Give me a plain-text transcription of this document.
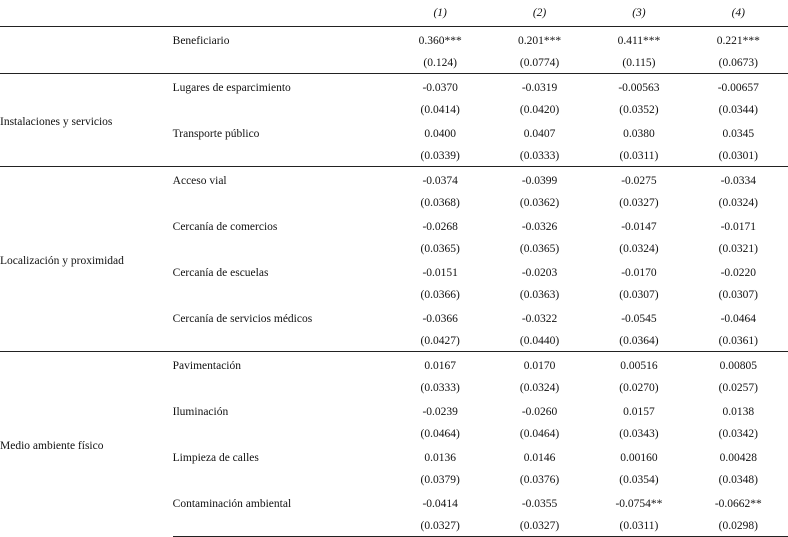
		(1)	(2)	(3)	(4)
	Beneficiario	0.360***	0.201***	0.411***	0.221***
		(0.124)	(0.0774)	(0.115)	(0.0673)
Instalaciones y servicios	Lugares de esparcimiento	-0.0370	-0.0319	-0.00563	-0.00657
		(0.0414)	(0.0420)	(0.0352)	(0.0344)
	Transporte público	0.0400	0.0407	0.0380	0.0345
		(0.0339)	(0.0333)	(0.0311)	(0.0301)
Localización y proximidad	Acceso vial	-0.0374	-0.0399	-0.0275	-0.0334
		(0.0368)	(0.0362)	(0.0327)	(0.0324)
	Cercanía de comercios	-0.0268	-0.0326	-0.0147	-0.0171
		(0.0365)	(0.0365)	(0.0324)	(0.0321)
	Cercanía de escuelas	-0.0151	-0.0203	-0.0170	-0.0220
		(0.0366)	(0.0363)	(0.0307)	(0.0307)
	Cercanía de servicios médicos	-0.0366	-0.0322	-0.0545	-0.0464
		(0.0427)	(0.0440)	(0.0364)	(0.0361)
Medio ambiente físico	Pavimentación	0.0167	0.0170	0.00516	0.00805
		(0.0333)	(0.0324)	(0.0270)	(0.0257)
	Iluminación	-0.0239	-0.0260	0.0157	0.0138
		(0.0464)	(0.0464)	(0.0343)	(0.0342)
	Limpieza de calles	0.0136	0.0146	0.00160	0.00428
		(0.0379)	(0.0376)	(0.0354)	(0.0348)
	Contaminación ambiental	-0.0414	-0.0355	-0.0754**	-0.0662**
		(0.0327)	(0.0327)	(0.0311)	(0.0298)
